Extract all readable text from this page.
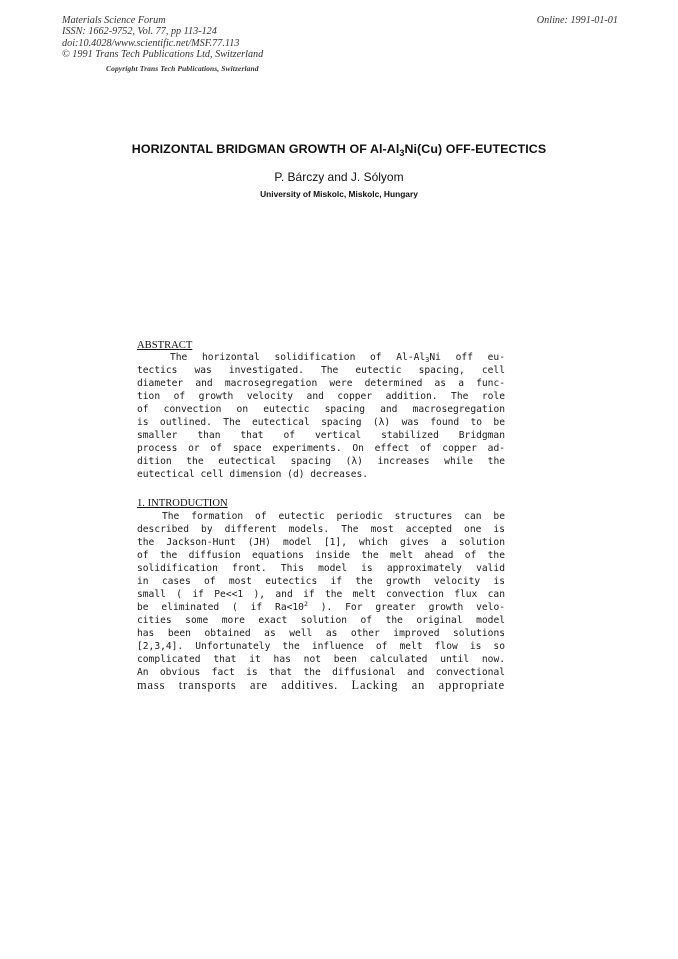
Materials Science Forum
ISSN: 1662-9752, Vol. 77, pp 113-124
doi:10.4028/www.scientific.net/MSF.77.113
© 1991 Trans Tech Publications Ltd, Switzerland
Online: 1991-01-01
Copyright Trans Tech Publications, Switzerland
HORIZONTAL BRIDGMAN GROWTH OF $Al-Al_3Ni(Cu)$ OFF-EUTECTICS
P. Bárczy and J. Sólyom
University of Miskolc, Miskolc, Hungary
ABSTRACT
The horizontal solidification of $Al-Al_3Ni$ off eu-
tectics was investigated. The eutectic spacing, cell
diameter and macrosegregation were determined as a func-
tion of growth velocity and copper addition. The role
of convection on eutectic spacing and macrosegregation
is outlined. The eutectical spacing (λ) was found to be
smaller than that of vertical stabilized Bridgman
process or of space experiments. On effect of copper ad-
dition the eutectical spacing (λ) increases while the
eutectical cell dimension (d) decreases.
1. INTRODUCTION
The formation of eutectic periodic structures can be
described by different models. The most accepted one is
the Jackson-Hunt (JH) model [1], which gives a solution
of the diffusion equations inside the melt ahead of the
solidification front. This model is approximately valid
in cases of most eutectics if the growth velocity is
small ( if Pe<<1 ), and if the melt convection flux can
be eliminated ( if $Ra<10^2$ ). For greater growth velo-
cities some more exact solution of the original model
has been obtained as well as other improved solutions
[2,3,4]. Unfortunately the influence of melt flow is so
complicated that it has not been calculated until now.
An obvious fact is that the diffusional and convectional
mass transports are additives. Lacking an appropriate
